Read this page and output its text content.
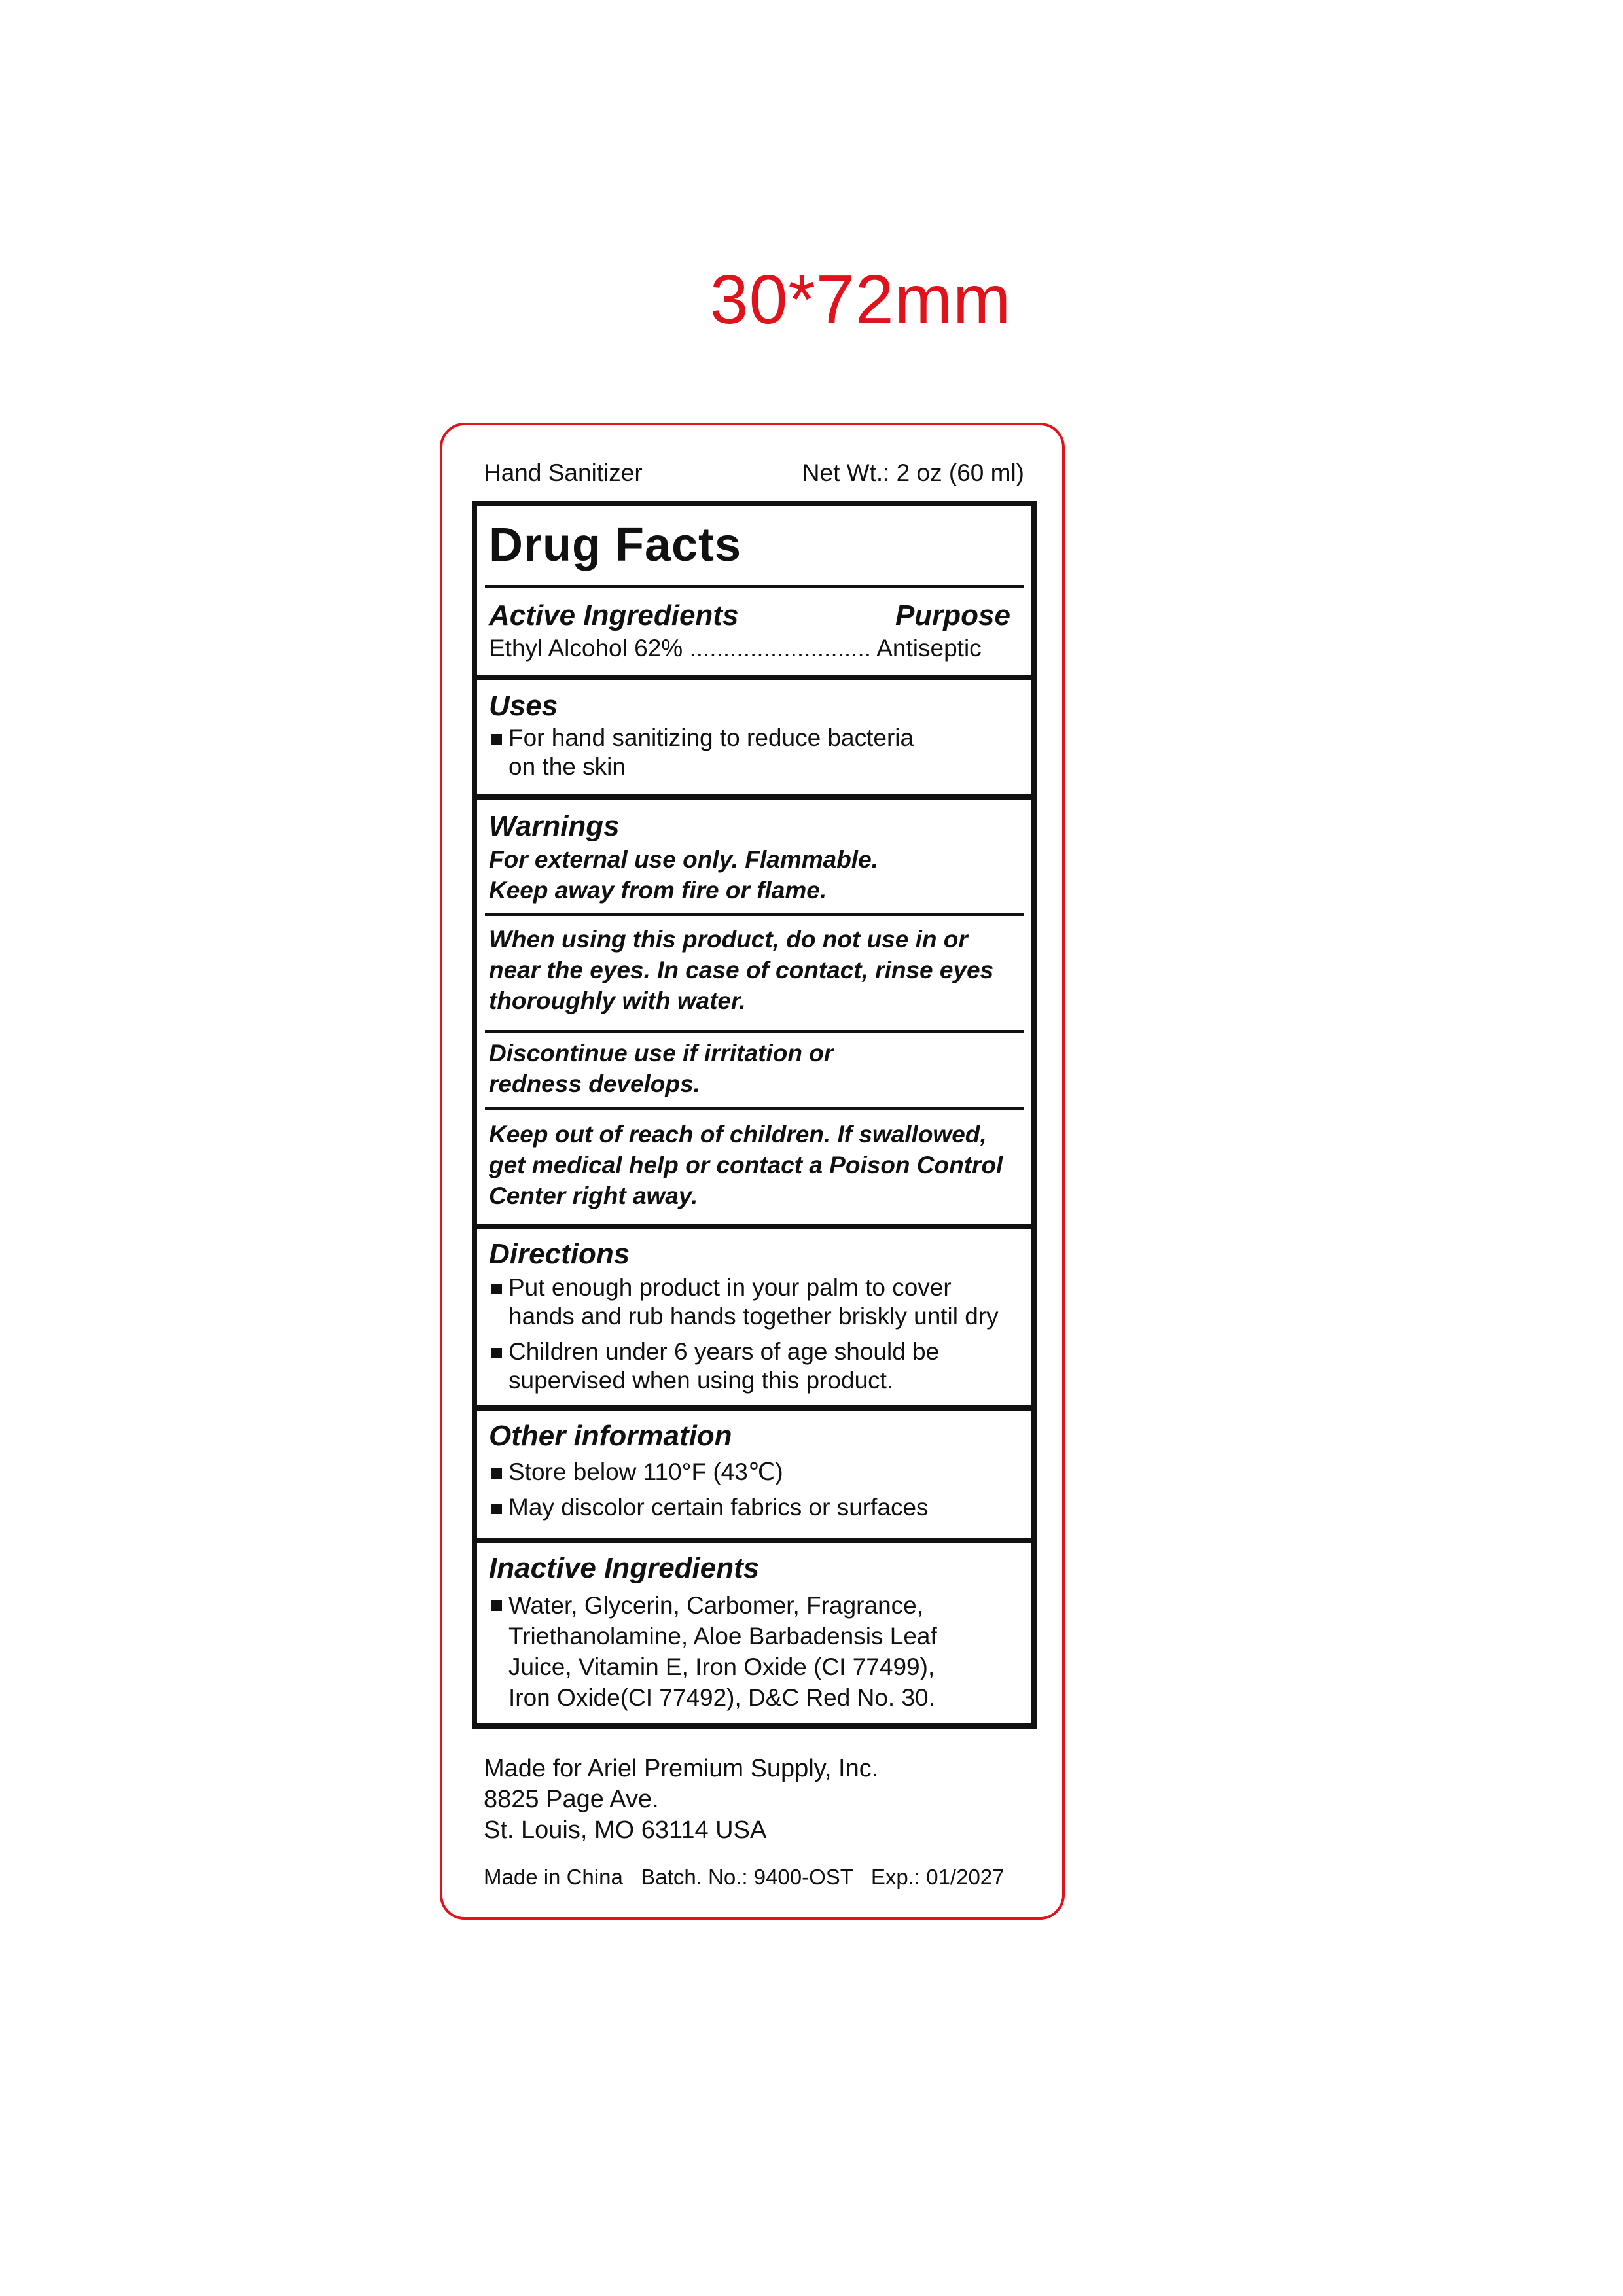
30*72mm
Hand Sanitizer	Net Wt.: 2 oz (60 ml)
Drug Facts
Active Ingredients	Purpose
Ethyl Alcohol 62% ........................... Antiseptic
Uses
For hand sanitizing to reduce bacteria
on the skin
Warnings
For external use only. Flammable.
Keep away from fire or flame.
When using this product, do not use in or near the eyes. In case of contact, rinse eyes thoroughly with water.
Discontinue use if irritation or
redness develops.
Keep out of reach of children. If swallowed, get medical help or contact a Poison Control Center right away.
Directions
Put enough product in your palm to cover
hands and rub hands together briskly until dry
Children under 6 years of age should be
supervised when using this product.
Other information
Store below 110°F (43℃)
May discolor certain fabrics or surfaces
Inactive Ingredients
Water, Glycerin, Carbomer, Fragrance,
Triethanolamine, Aloe Barbadensis Leaf
Juice, Vitamin E, Iron Oxide (CI 77499),
Iron Oxide(CI 77492), D&C Red No. 30.
Made for Ariel Premium Supply, Inc.
8825 Page Ave.
St. Louis, MO 63114 USA
Made in China   Batch. No.: 9400-OST   Exp.: 01/2027
